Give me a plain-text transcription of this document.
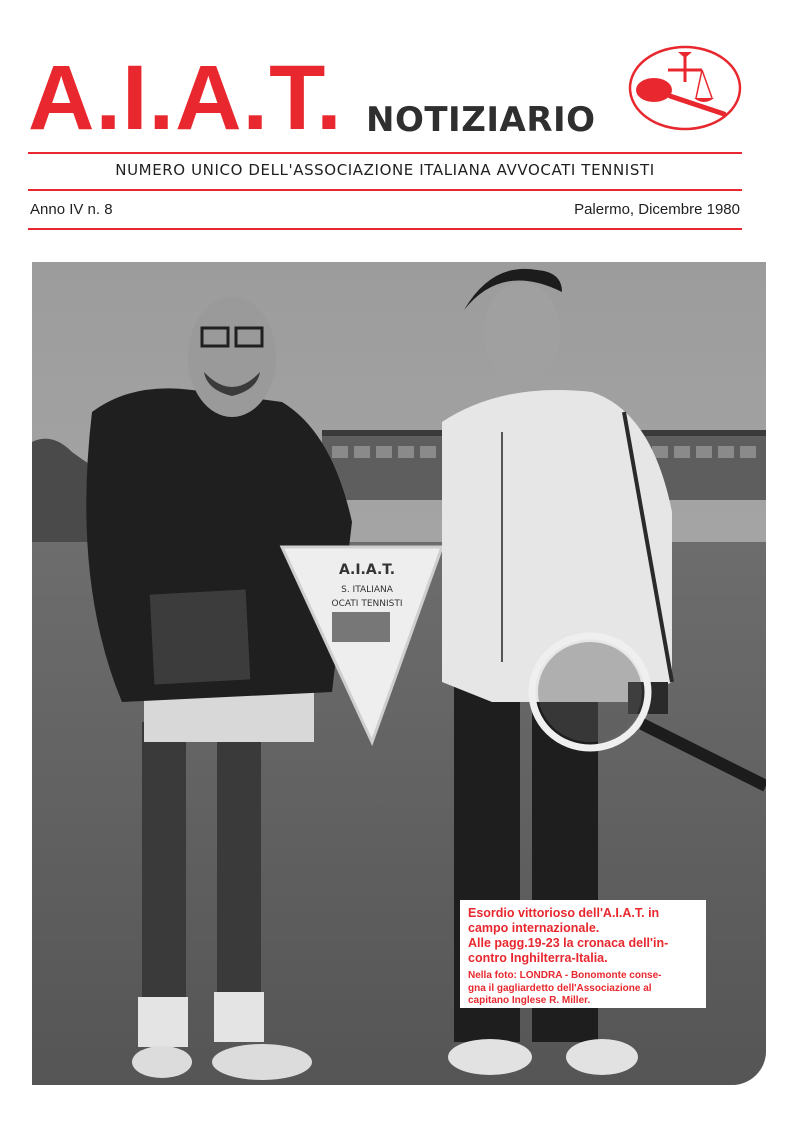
A.I.A.T. NOTIZIARIO
NUMERO UNICO DELL'ASSOCIAZIONE ITALIANA AVVOCATI TENNISTI
Anno IV n. 8	Palermo, Dicembre 1980
A.I.A.T.
S. ITALIANA
OCATI TENNISTI

Esordio vittorioso dell'A.I.A.T. in
campo internazionale.
Alle pagg.19-23 la cronaca dell'in-
contro Inghilterra-Italia.

Nella foto: LONDRA - Bonomonte conse-
gna il gagliardetto dell'Associazione al
capitano Inglese R. Miller.
